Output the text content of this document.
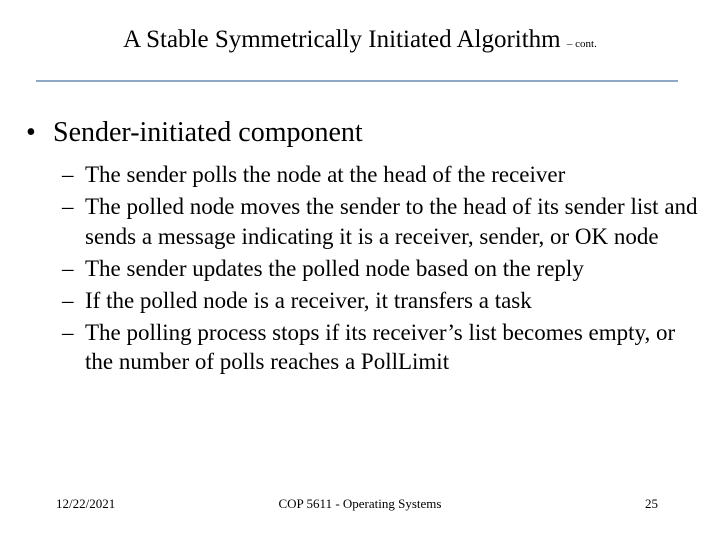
A Stable Symmetrically Initiated Algorithm – cont.
• Sender-initiated component
– The sender polls the node at the head of the receiver
– The polled node moves the sender to the head of its sender list and sends a message indicating it is a receiver, sender, or OK node
– The sender updates the polled node based on the reply
– If the polled node is a receiver, it transfers a task
– The polling process stops if its receiver’s list becomes empty, or the number of polls reaches a PollLimit
12/22/2021	COP 5611 - Operating Systems	25
